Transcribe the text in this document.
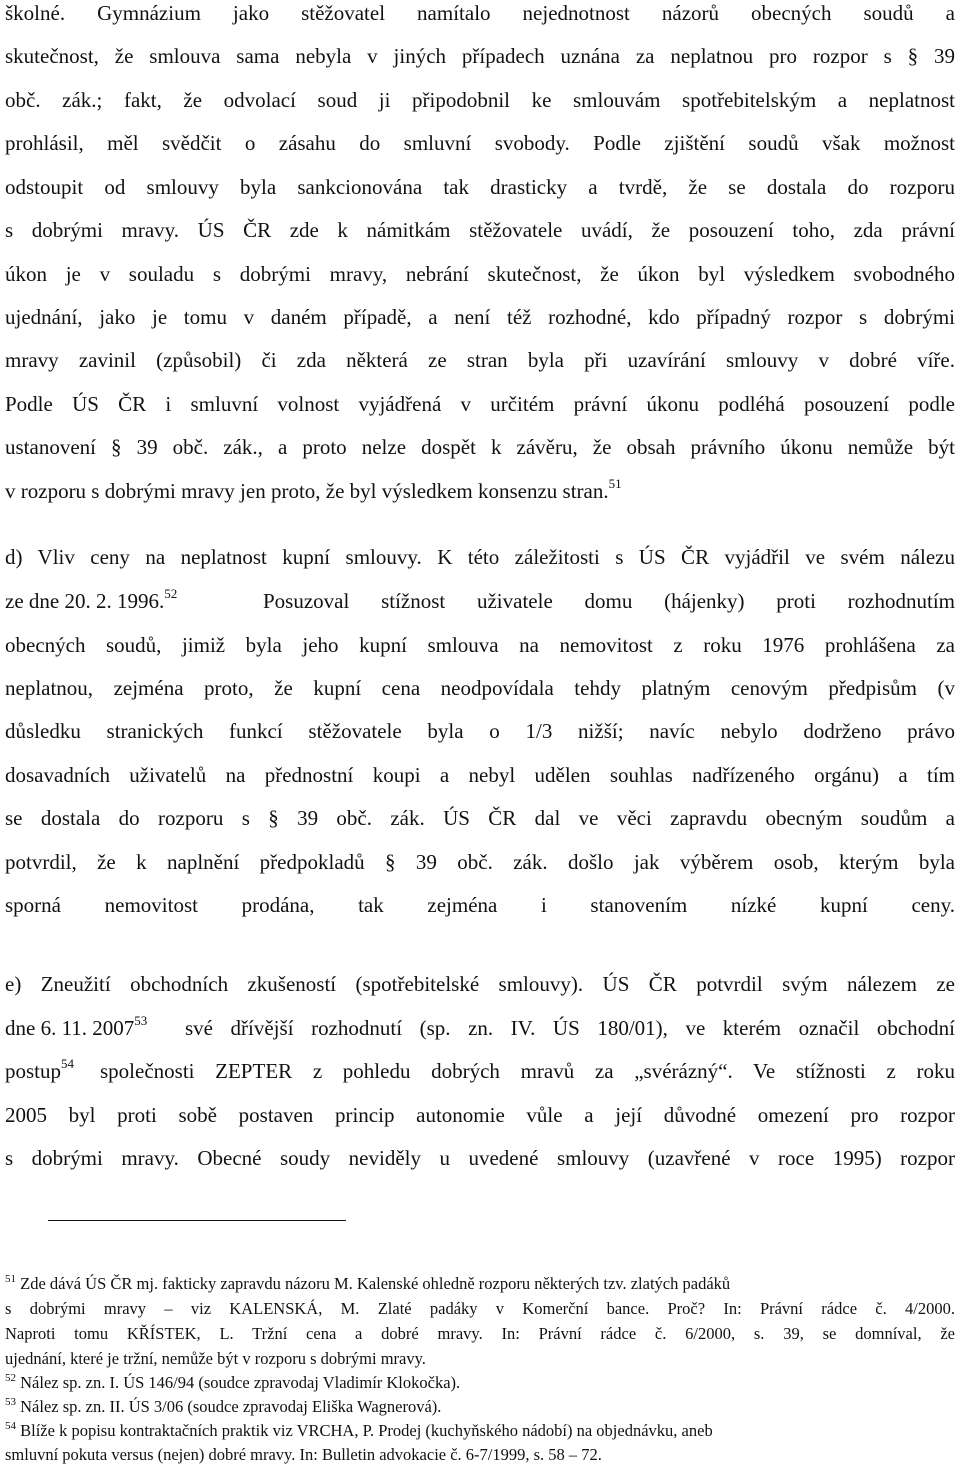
školné. Gymnázium jako stěžovatel namítalo nejednotnost názorů obecných soudů a
skutečnost, že smlouva sama nebyla v jiných případech uznána za neplatnou pro rozpor s § 39
obč. zák.; fakt, že odvolací soud ji připodobnil ke smlouvám spotřebitelským a neplatnost
prohlásil, měl svědčit o zásahu do smluvní svobody. Podle zjištění soudů však možnost
odstoupit od smlouvy byla sankcionována tak drasticky a tvrdě, že se dostala do rozporu
s dobrými mravy. ÚS ČR zde k námitkám stěžovatele uvádí, že posouzení toho, zda právní
úkon je v souladu s dobrými mravy, nebrání skutečnost, že úkon byl výsledkem svobodného
ujednání, jako je tomu v daném případě, a není též rozhodné, kdo případný rozpor s dobrými
mravy zavinil (způsobil) či zda některá ze stran byla při uzavírání smlouvy v dobré víře.
Podle ÚS ČR i smluvní volnost vyjádřená v určitém právní úkonu podléhá posouzení podle
ustanovení § 39 obč. zák., a proto nelze dospět k závěru, že obsah právního úkonu nemůže být
v rozporu s dobrými mravy jen proto, že byl výsledkem konsenzu stran.$^{51}$
d) Vliv ceny na neplatnost kupní smlouvy. K této záležitosti s ÚS ČR vyjádřil ve svém nálezu
ze dne 20. 2. 1996.52	Posuzoval stížnost uživatele domu (hájenky) proti rozhodnutím
obecných soudů, jimiž byla jeho kupní smlouva na nemovitost z roku 1976 prohlášena za
neplatnou, zejména proto, že kupní cena neodpovídala tehdy platným cenovým předpisům (v
důsledku stranických funkcí stěžovatele byla o 1/3 nižší; navíc nebylo dodrženo právo
dosavadních uživatelů na přednostní koupi a nebyl udělen souhlas nadřízeného orgánu) a tím
se dostala do rozporu s § 39 obč. zák. ÚS ČR dal ve věci zapravdu obecným soudům a
potvrdil, že k naplnění předpokladů § 39 obč. zák. došlo jak výběrem osob, kterým byla
sporná nemovitost prodána, tak zejména i stanovením nízké kupní ceny.
e) Zneužití obchodních zkušeností (spotřebitelské smlouvy). ÚS ČR potvrdil svým nálezem ze
dne 6. 11. 2007$^{53}$ své dřívější rozhodnutí (sp. zn. IV. ÚS 180/01), ve kterém označil obchodní
postup$^{54}$ společnosti ZEPTER z pohledu dobrých mravů za „svérázný“. Ve stížnosti z roku
2005 byl proti sobě postaven princip autonomie vůle a její důvodné omezení pro rozpor
s dobrými mravy. Obecné soudy neviděly u uvedené smlouvy (uzavřené v roce 1995) rozpor
$^{51}$ Zde dává ÚS ČR mj. fakticky zapravdu názoru M. Kalenské ohledně rozporu některých tzv. zlatých padáků
s dobrými mravy – viz KALENSKÁ, M. Zlaté padáky v Komerční bance. Proč? In: Právní rádce č. 4/2000.
Naproti tomu KŘÍSTEK, L. Tržní cena a dobré mravy. In: Právní rádce č. 6/2000, s. 39, se domníval, že
ujednání, které je tržní, nemůže být v rozporu s dobrými mravy.
$^{52}$ Nález sp. zn. I. ÚS 146/94 (soudce zpravodaj Vladimír Klokočka).
$^{53}$ Nález sp. zn. II. ÚS 3/06 (soudce zpravodaj Eliška Wagnerová).
$^{54}$ Blíže k popisu kontraktačních praktik viz VRCHA, P. Prodej (kuchyňského nádobí) na objednávku, aneb
smluvní pokuta versus (nejen) dobré mravy. In: Bulletin advokacie č. 6-7/1999, s. 58 – 72.
